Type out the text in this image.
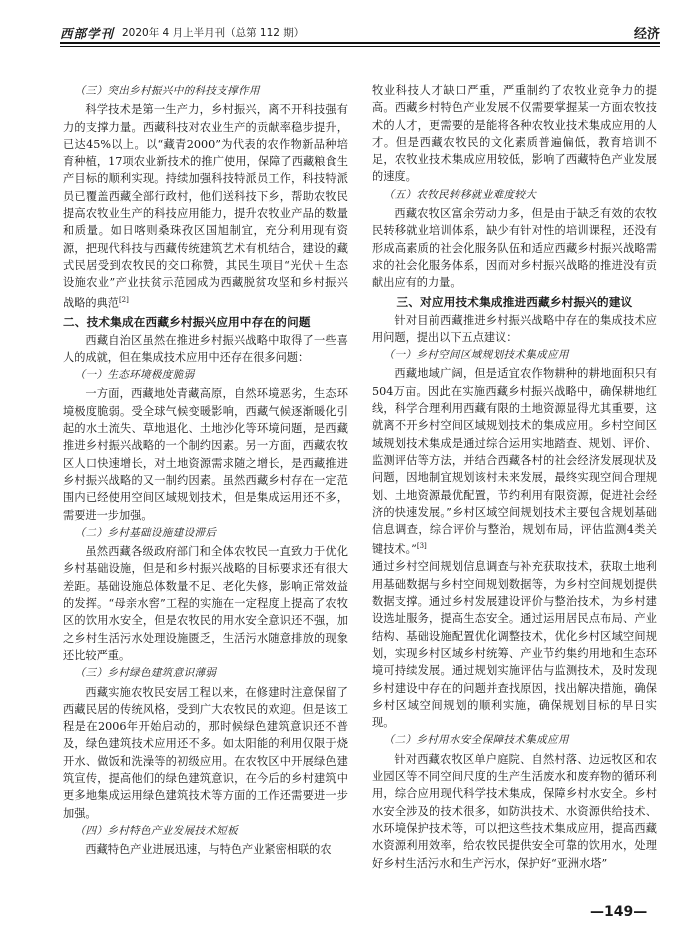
西部学刊 2020年 4 月上半月刊（总第 112 期）	经济
（三）突出乡村振兴中的科技支撑作用
科学技术是第一生产力，乡村振兴，离不开科技强有力的支撑力量。西藏科技对农业生产的贡献率稳步提升，已达45%以上。以“藏青2000”为代表的农作物新品种培育种植，17项农业新技术的推广使用，保障了西藏粮食生产目标的顺利实现。持续加强科技特派员工作，科技特派员已覆盖西藏全部行政村，他们送科技下乡，帮助农牧民提高农牧业生产的科技应用能力，提升农牧业产品的数量和质量。如日喀则桑珠孜区国旭制宜，充分利用现有资源，把现代科技与西藏传统建筑艺术有机结合，建设的藏式民居受到农牧民的交口称赞，其民生项目“光伏＋生态设施农业”产业扶贫示范园成为西藏脱贫攻坚和乡村振兴战略的典范[2]
二、技术集成在西藏乡村振兴应用中存在的问题
西藏自治区虽然在推进乡村振兴战略中取得了一些喜人的成就，但在集成技术应用中还存在很多问题：
（一）生态环境极度脆弱
一方面，西藏地处青藏高原，自然环境恶劣，生态环境极度脆弱。受全球气候变暖影响，西藏气候逐渐暖化引起的水土流失、草地退化、土地沙化等环境问题，是西藏推进乡村振兴战略的一个制约因素。另一方面，西藏农牧区人口快速增长，对土地资源需求随之增长，是西藏推进乡村振兴战略的又一制约因素。虽然西藏乡村存在一定范围内已经使用空间区域规划技术，但是集成运用还不多，需要进一步加强。
（二）乡村基础设施建设滞后
虽然西藏各级政府部门和全体农牧民一直致力于优化乡村基础设施，但是和乡村振兴战略的目标要求还有很大差距。基础设施总体数量不足、老化失修，影响正常效益的发挥。“母亲水窖”工程的实施在一定程度上提高了农牧区的饮用水安全，但是农牧民的用水安全意识还不强，加之乡村生活污水处理设施匮乏，生活污水随意排放的现象还比较严重。
（三）乡村绿色建筑意识薄弱
西藏实施农牧民安居工程以来，在修建时注意保留了西藏民居的传统风格，受到广大农牧民的欢迎。但是该工程是在2006年开始启动的，那时候绿色建筑意识还不普及，绿色建筑技术应用还不多。如太阳能的利用仅限于烧开水、做饭和洗澡等的初级应用。在农牧区中开展绿色建筑宣传，提高他们的绿色建筑意识，在今后的乡村建筑中更多地集成运用绿色建筑技术等方面的工作还需要进一步加强。
（四）乡村特色产业发展技术短板
西藏特色产业进展迅速，与特色产业紧密相联的农
牧业科技人才缺口严重，严重制约了农牧业竞争力的提高。西藏乡村特色产业发展不仅需要掌握某一方面农牧技术的人才，更需要的是能将各种农牧业技术集成应用的人才。但是西藏农牧民的文化素质普遍偏低，教育培训不足，农牧业技术集成应用较低，影响了西藏特色产业发展的速度。
（五）农牧民转移就业难度较大
西藏农牧区富余劳动力多，但是由于缺乏有效的农牧民转移就业培训体系，缺少有针对性的培训课程，还没有形成高素质的社会化服务队伍和适应西藏乡村振兴战略需求的社会化服务体系，因而对乡村振兴战略的推进没有贡献出应有的力量。
三、对应用技术集成推进西藏乡村振兴的建议
针对目前西藏推进乡村振兴战略中存在的集成技术应用问题，提出以下五点建议：
（一）乡村空间区域规划技术集成应用
西藏地域广阔，但是适宜农作物耕种的耕地面积只有504万亩。因此在实施西藏乡村振兴战略中，确保耕地红线，科学合理利用西藏有限的土地资源显得尤其重要，这就离不开乡村空间区域规划技术的集成应用。乡村空间区域规划技术集成是通过综合运用实地踏查、规划、评价、监测评估等方法，并结合西藏各村的社会经济发展现状及问题，因地制宜规划该村未来发展，最终实现空间合理规划、土地资源最优配置，节约利用有限资源，促进社会经济的快速发展。”乡村区域空间规划技术主要包含规划基础信息调查，综合评价与整治，规划布局，评估监测4类关键技术。”[3]
通过乡村空间规划信息调查与补充获取技术，获取土地利用基础数据与乡村空间规划数据等，为乡村空间规划提供数据支撑。通过乡村发展建设评价与整治技术，为乡村建设选址服务，提高生态安全。通过运用居民点布局、产业结构、基础设施配置优化调整技术，优化乡村区域空间规划，实现乡村区域乡村统筹、产业节约集约用地和生态环境可持续发展。通过规划实施评估与监测技术，及时发现乡村建设中存在的问题并查找原因，找出解决措施，确保乡村区域空间规划的顺利实施，确保规划目标的早日实现。
（二）乡村用水安全保障技术集成应用
针对西藏农牧区单户庭院、自然村落、边远牧区和农业园区等不同空间尺度的生产生活废水和废弃物的循环利用，综合应用现代科学技术集成，保障乡村水安全。乡村水安全涉及的技术很多，如防洪技术、水资源供给技术、水环境保护技术等，可以把这些技术集成应用，提高西藏水资源利用效率，给农牧民提供安全可靠的饮用水，处理好乡村生活污水和生产污水，保护好“亚洲水塔”
—149—
